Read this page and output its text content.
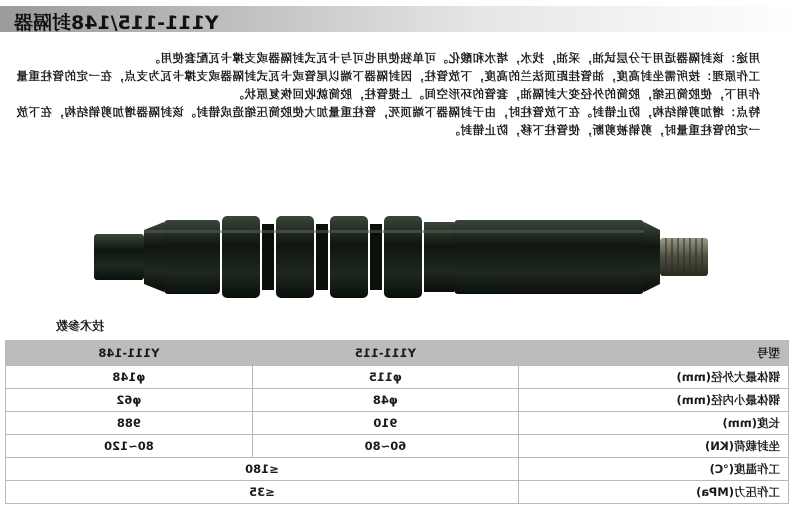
Y111-115/148封隔器

用途：该封隔器适用于分层试油，采油，找水，堵水和酸化。可单独使用也可与卡瓦式封隔器或支撑卡瓦配套使用。

工作原理：按所需坐封高度，油管挂距顶法兰的高度，下放管柱，因封隔器下端以尾管或卡瓦式封隔器或支撑卡瓦为支点，在一定的管柱重量作用下，使胶筒压缩，胶筒的外径变大封隔油，套管的环形空间。上提管柱，胶筒就收回恢复原状。

特点：增加剪销结构，防止错封。在下放管柱时，由于封隔器下端顶死，管柱重量加大使胶筒压缩造成错封。该封隔器增加剪销结构，在下放一定的管柱重量时，剪销被剪断，使管柱下移，防止错封。

技术参数
型号	Y111-115	Y111-148
钢体最大外径(mm)	φ115	φ148
钢体最小内径(mm)	φ48	φ62
长度(mm)	910	988
坐封载荷(KN)	60~80	80~120
工作温度(℃)	≤180	
工作压力(MPa)	≤35	
